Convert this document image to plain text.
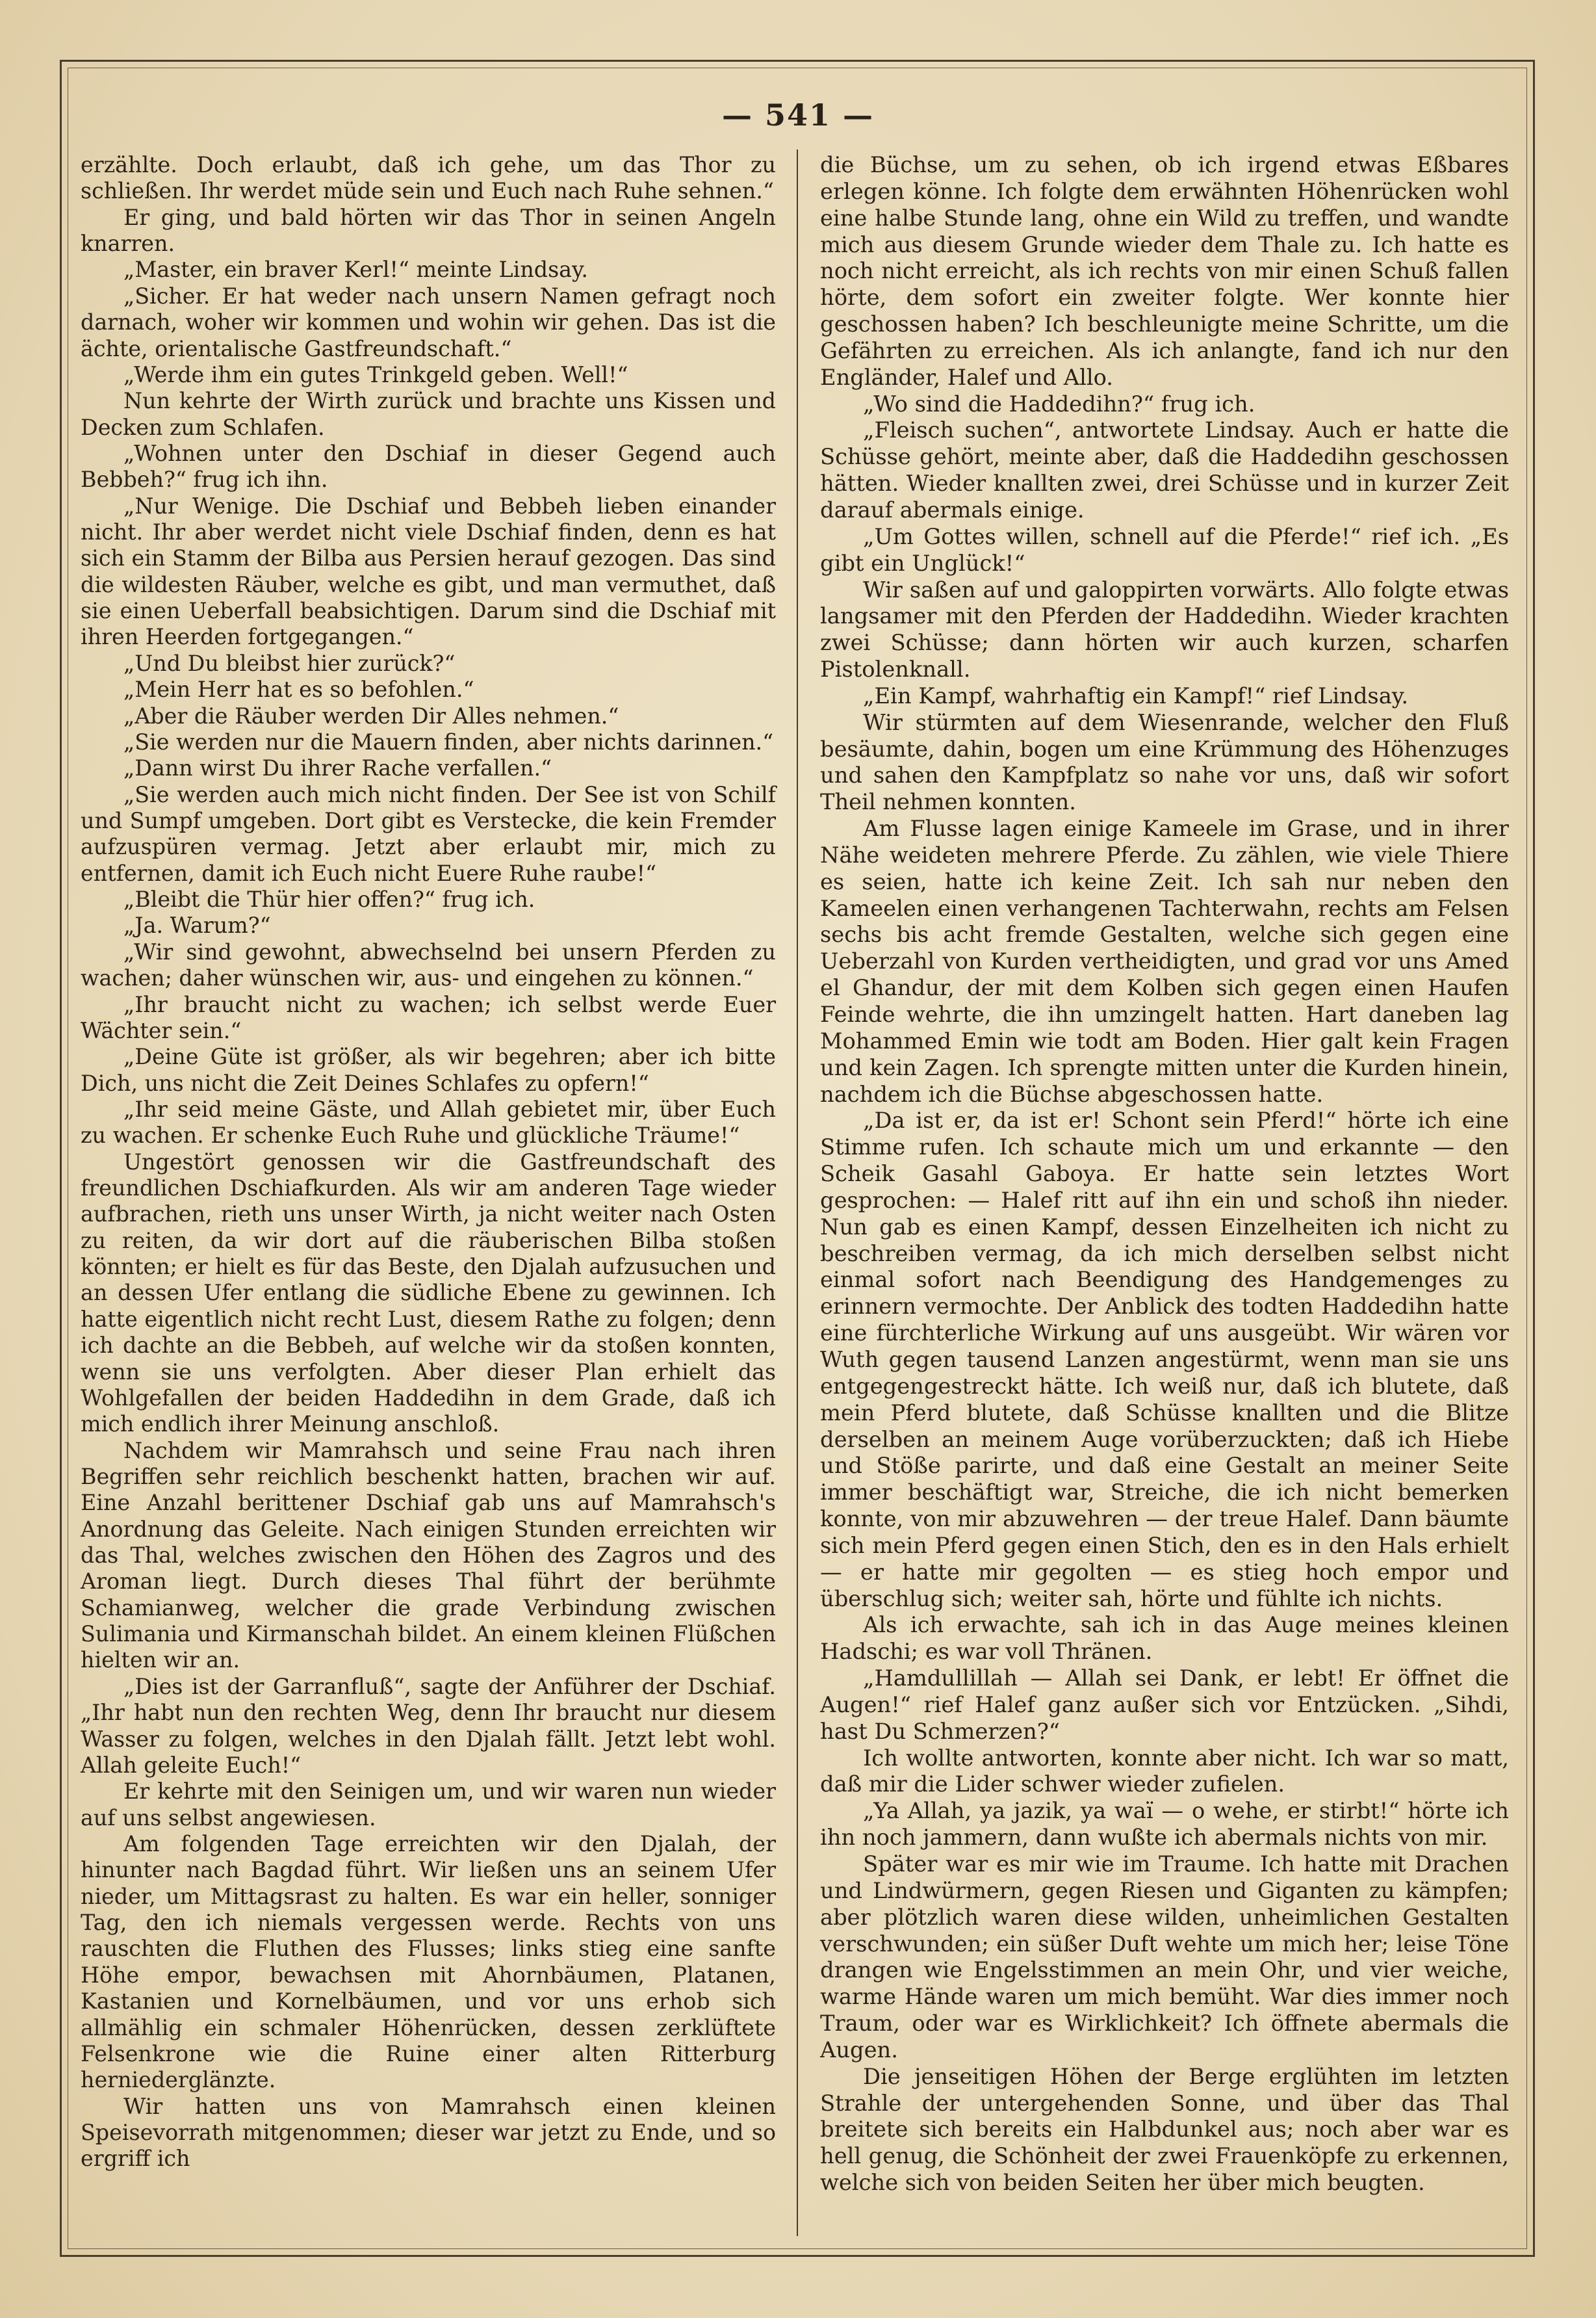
— 541 —

erzählte. Doch erlaubt, daß ich gehe, um das Thor zu schließen. Ihr werdet müde sein und Euch nach Ruhe sehnen.“

Er ging, und bald hörten wir das Thor in seinen Angeln knarren.

„Master, ein braver Kerl!“ meinte Lindsay.

„Sicher. Er hat weder nach unsern Namen gefragt noch darnach, woher wir kommen und wohin wir gehen. Das ist die ächte, orientalische Gastfreundschaft.“

„Werde ihm ein gutes Trinkgeld geben. Well!“

Nun kehrte der Wirth zurück und brachte uns Kissen und Decken zum Schlafen.

„Wohnen unter den Dschiaf in dieser Gegend auch Bebbeh?“ frug ich ihn.

„Nur Wenige. Die Dschiaf und Bebbeh lieben einander nicht. Ihr aber werdet nicht viele Dschiaf finden, denn es hat sich ein Stamm der Bilba aus Persien herauf gezogen. Das sind die wildesten Räuber, welche es gibt, und man vermuthet, daß sie einen Ueberfall beabsichtigen. Darum sind die Dschiaf mit ihren Heerden fortgegangen.“

„Und Du bleibst hier zurück?“

„Mein Herr hat es so befohlen.“

„Aber die Räuber werden Dir Alles nehmen.“

„Sie werden nur die Mauern finden, aber nichts darinnen.“

„Dann wirst Du ihrer Rache verfallen.“

„Sie werden auch mich nicht finden. Der See ist von Schilf und Sumpf umgeben. Dort gibt es Verstecke, die kein Fremder aufzuspüren vermag. Jetzt aber erlaubt mir, mich zu entfernen, damit ich Euch nicht Euere Ruhe raube!“

„Bleibt die Thür hier offen?“ frug ich.

„Ja. Warum?“

„Wir sind gewohnt, abwechselnd bei unsern Pferden zu wachen; daher wünschen wir, aus- und eingehen zu können.“

„Ihr braucht nicht zu wachen; ich selbst werde Euer Wächter sein.“

„Deine Güte ist größer, als wir begehren; aber ich bitte Dich, uns nicht die Zeit Deines Schlafes zu opfern!“

„Ihr seid meine Gäste, und Allah gebietet mir, über Euch zu wachen. Er schenke Euch Ruhe und glückliche Träume!“

Ungestört genossen wir die Gastfreundschaft des freundlichen Dschiafkurden. Als wir am anderen Tage wieder aufbrachen, rieth uns unser Wirth, ja nicht weiter nach Osten zu reiten, da wir dort auf die räuberischen Bilba stoßen könnten; er hielt es für das Beste, den Djalah aufzusuchen und an dessen Ufer entlang die südliche Ebene zu gewinnen. Ich hatte eigentlich nicht recht Lust, diesem Rathe zu folgen; denn ich dachte an die Bebbeh, auf welche wir da stoßen konnten, wenn sie uns verfolgten. Aber dieser Plan erhielt das Wohlgefallen der beiden Haddedihn in dem Grade, daß ich mich endlich ihrer Meinung anschloß.

Nachdem wir Mamrahsch und seine Frau nach ihren Begriffen sehr reichlich beschenkt hatten, brachen wir auf. Eine Anzahl berittener Dschiaf gab uns auf Mamrahsch's Anordnung das Geleite. Nach einigen Stunden erreichten wir das Thal, welches zwischen den Höhen des Zagros und des Aroman liegt. Durch dieses Thal führt der berühmte Schamianweg, welcher die grade Verbindung zwischen Sulimania und Kirmanschah bildet. An einem kleinen Flüßchen hielten wir an.

„Dies ist der Garranfluß“, sagte der Anführer der Dschiaf. „Ihr habt nun den rechten Weg, denn Ihr braucht nur diesem Wasser zu folgen, welches in den Djalah fällt. Jetzt lebt wohl. Allah geleite Euch!“

Er kehrte mit den Seinigen um, und wir waren nun wieder auf uns selbst angewiesen.

Am folgenden Tage erreichten wir den Djalah, der hinunter nach Bagdad führt. Wir ließen uns an seinem Ufer nieder, um Mittagsrast zu halten. Es war ein heller, sonniger Tag, den ich niemals vergessen werde. Rechts von uns rauschten die Fluthen des Flusses; links stieg eine sanfte Höhe empor, bewachsen mit Ahornbäumen, Platanen, Kastanien und Kornelbäumen, und vor uns erhob sich allmählig ein schmaler Höhenrücken, dessen zerklüftete Felsenkrone wie die Ruine einer alten Ritterburg herniederglänzte.

Wir hatten uns von Mamrahsch einen kleinen Speisevorrath mitgenommen; dieser war jetzt zu Ende, und so ergriff ich

die Büchse, um zu sehen, ob ich irgend etwas Eßbares erlegen könne. Ich folgte dem erwähnten Höhenrücken wohl eine halbe Stunde lang, ohne ein Wild zu treffen, und wandte mich aus diesem Grunde wieder dem Thale zu. Ich hatte es noch nicht erreicht, als ich rechts von mir einen Schuß fallen hörte, dem sofort ein zweiter folgte. Wer konnte hier geschossen haben? Ich beschleunigte meine Schritte, um die Gefährten zu erreichen. Als ich anlangte, fand ich nur den Engländer, Halef und Allo.

„Wo sind die Haddedihn?“ frug ich.

„Fleisch suchen“, antwortete Lindsay. Auch er hatte die Schüsse gehört, meinte aber, daß die Haddedihn geschossen hätten. Wieder knallten zwei, drei Schüsse und in kurzer Zeit darauf abermals einige.

„Um Gottes willen, schnell auf die Pferde!“ rief ich. „Es gibt ein Unglück!“

Wir saßen auf und galoppirten vorwärts. Allo folgte etwas langsamer mit den Pferden der Haddedihn. Wieder krachten zwei Schüsse; dann hörten wir auch kurzen, scharfen Pistolenknall.

„Ein Kampf, wahrhaftig ein Kampf!“ rief Lindsay.

Wir stürmten auf dem Wiesenrande, welcher den Fluß besäumte, dahin, bogen um eine Krümmung des Höhenzuges und sahen den Kampfplatz so nahe vor uns, daß wir sofort Theil nehmen konnten.

Am Flusse lagen einige Kameele im Grase, und in ihrer Nähe weideten mehrere Pferde. Zu zählen, wie viele Thiere es seien, hatte ich keine Zeit. Ich sah nur neben den Kameelen einen verhangenen Tachterwahn, rechts am Felsen sechs bis acht fremde Gestalten, welche sich gegen eine Ueberzahl von Kurden vertheidigten, und grad vor uns Amed el Ghandur, der mit dem Kolben sich gegen einen Haufen Feinde wehrte, die ihn umzingelt hatten. Hart daneben lag Mohammed Emin wie todt am Boden. Hier galt kein Fragen und kein Zagen. Ich sprengte mitten unter die Kurden hinein, nachdem ich die Büchse abgeschossen hatte.

„Da ist er, da ist er! Schont sein Pferd!“ hörte ich eine Stimme rufen. Ich schaute mich um und erkannte — den Scheik Gasahl Gaboya. Er hatte sein letztes Wort gesprochen: — Halef ritt auf ihn ein und schoß ihn nieder. Nun gab es einen Kampf, dessen Einzelheiten ich nicht zu beschreiben vermag, da ich mich derselben selbst nicht einmal sofort nach Beendigung des Handgemenges zu erinnern vermochte. Der Anblick des todten Haddedihn hatte eine fürchterliche Wirkung auf uns ausgeübt. Wir wären vor Wuth gegen tausend Lanzen angestürmt, wenn man sie uns entgegengestreckt hätte. Ich weiß nur, daß ich blutete, daß mein Pferd blutete, daß Schüsse knallten und die Blitze derselben an meinem Auge vorüberzuckten; daß ich Hiebe und Stöße parirte, und daß eine Gestalt an meiner Seite immer beschäftigt war, Streiche, die ich nicht bemerken konnte, von mir abzuwehren — der treue Halef. Dann bäumte sich mein Pferd gegen einen Stich, den es in den Hals erhielt — er hatte mir gegolten — es stieg hoch empor und überschlug sich; weiter sah, hörte und fühlte ich nichts.

Als ich erwachte, sah ich in das Auge meines kleinen Hadschi; es war voll Thränen.

„Hamdullillah — Allah sei Dank, er lebt! Er öffnet die Augen!“ rief Halef ganz außer sich vor Entzücken. „Sihdi, hast Du Schmerzen?“

Ich wollte antworten, konnte aber nicht. Ich war so matt, daß mir die Lider schwer wieder zufielen.

„Ya Allah, ya jazik, ya waï — o wehe, er stirbt!“ hörte ich ihn noch jammern, dann wußte ich abermals nichts von mir.

Später war es mir wie im Traume. Ich hatte mit Drachen und Lindwürmern, gegen Riesen und Giganten zu kämpfen; aber plötzlich waren diese wilden, unheimlichen Gestalten verschwunden; ein süßer Duft wehte um mich her; leise Töne drangen wie Engelsstimmen an mein Ohr, und vier weiche, warme Hände waren um mich bemüht. War dies immer noch Traum, oder war es Wirklichkeit? Ich öffnete abermals die Augen.

Die jenseitigen Höhen der Berge erglühten im letzten Strahle der untergehenden Sonne, und über das Thal breitete sich bereits ein Halbdunkel aus; noch aber war es hell genug, die Schönheit der zwei Frauenköpfe zu erkennen, welche sich von beiden Seiten her über mich beugten.
